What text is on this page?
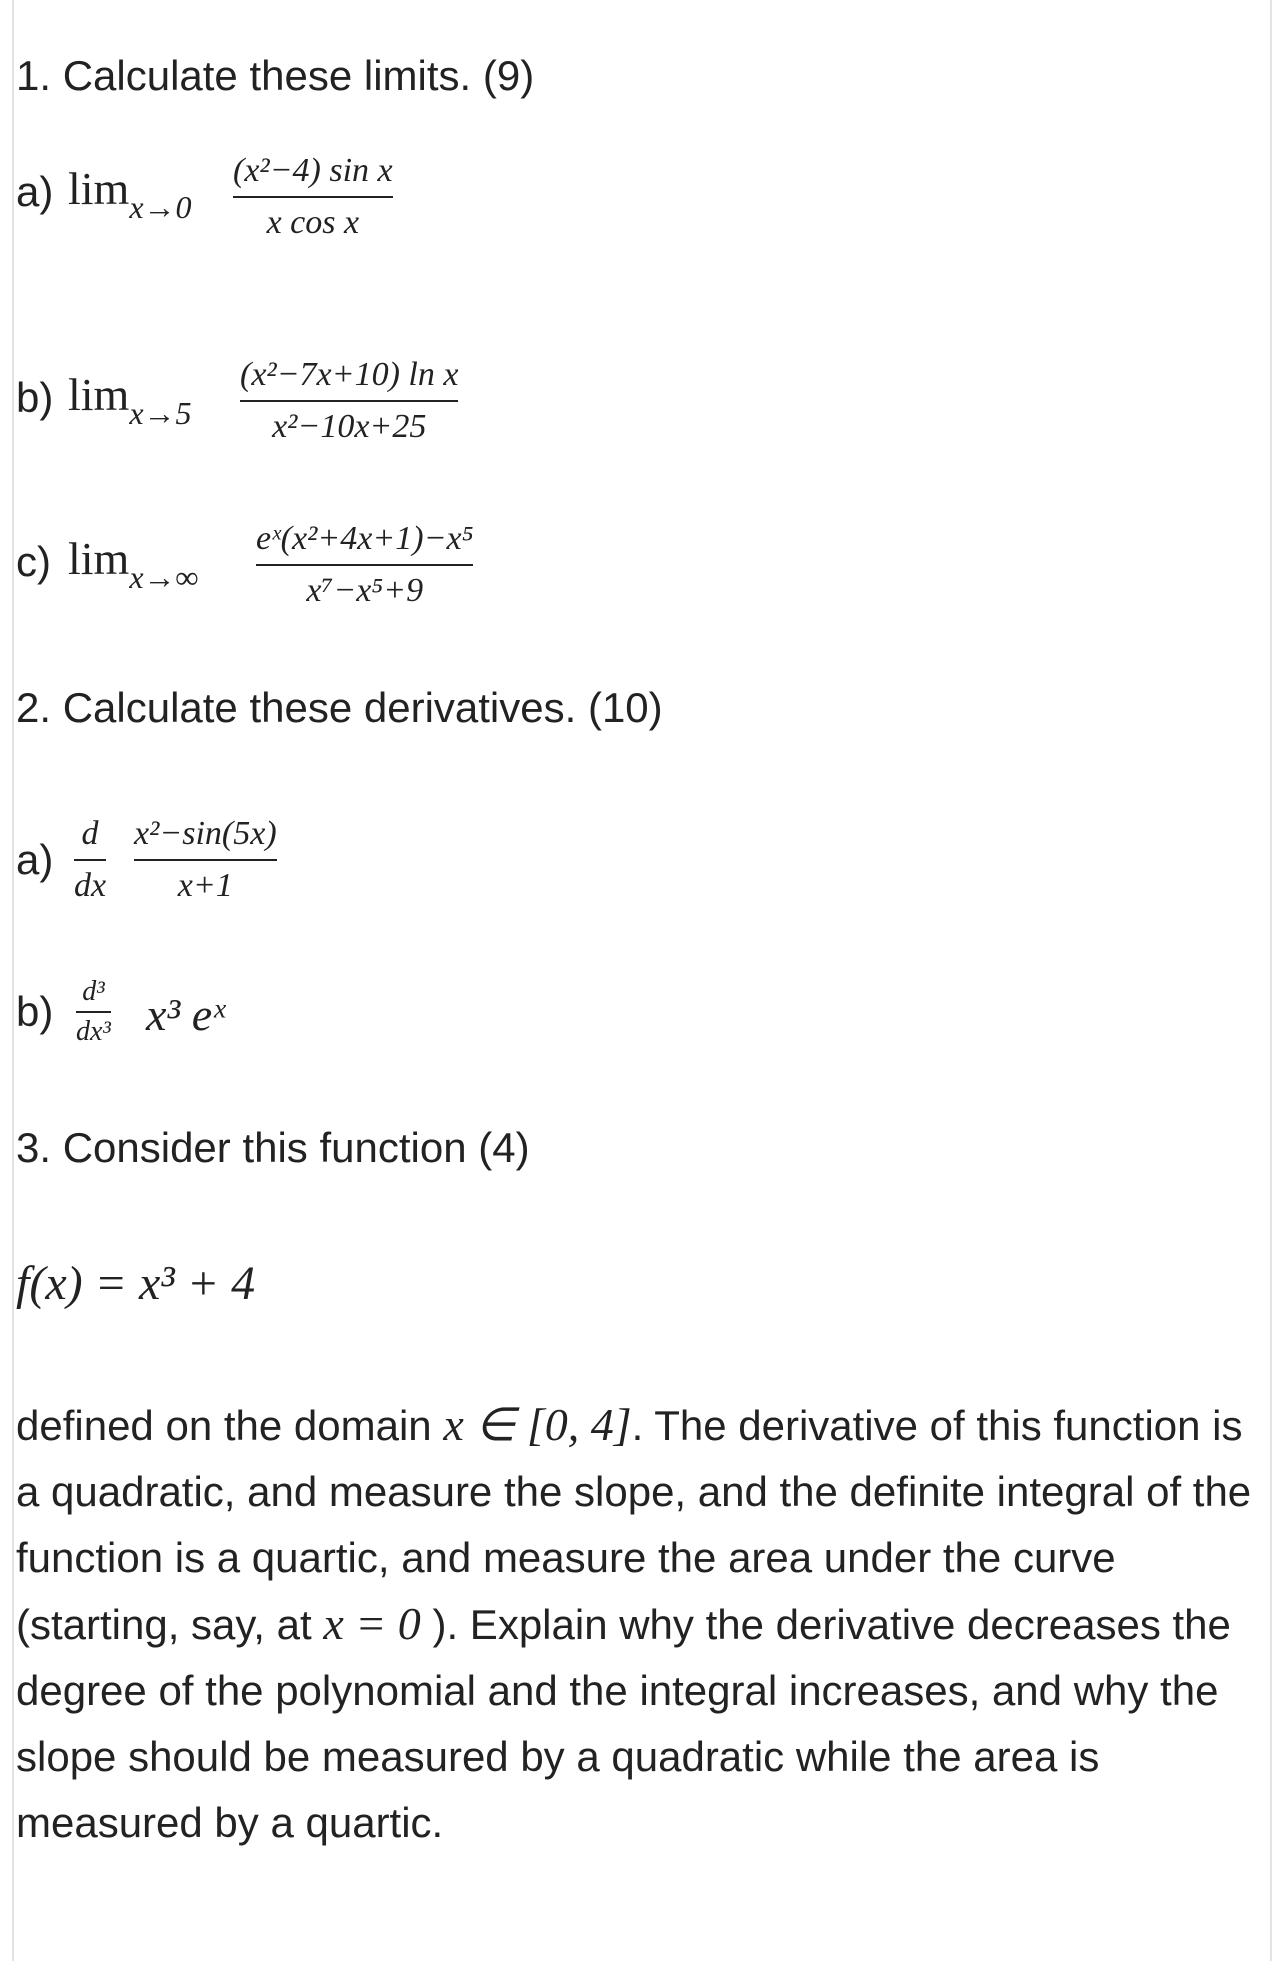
1. Calculate these limits. (9)
a) limx→0
(x²−4) sin x
x cos x
b) limx→5
(x²−7x+10) ln x
x²−10x+25
c) limx→∞
eˣ(x²+4x+1)−x⁵
x⁷−x⁵+9
2. Calculate these derivatives. (10)
a)
d
dx
x²−sin(5x)
x+1
b) d³
dx³ x³ eˣ
3. Consider this function (4)
f(x) = x³ + 4
defined on the domain x ∈ [0, 4]. The derivative of this function is a quadratic, and measure the slope, and the definite integral of the function is a quartic, and measure the area under the curve (starting, say, at x = 0 ). Explain why the derivative decreases the degree of the polynomial and the integral increases, and why the slope should be measured by a quadratic while the area is measured by a quartic.
